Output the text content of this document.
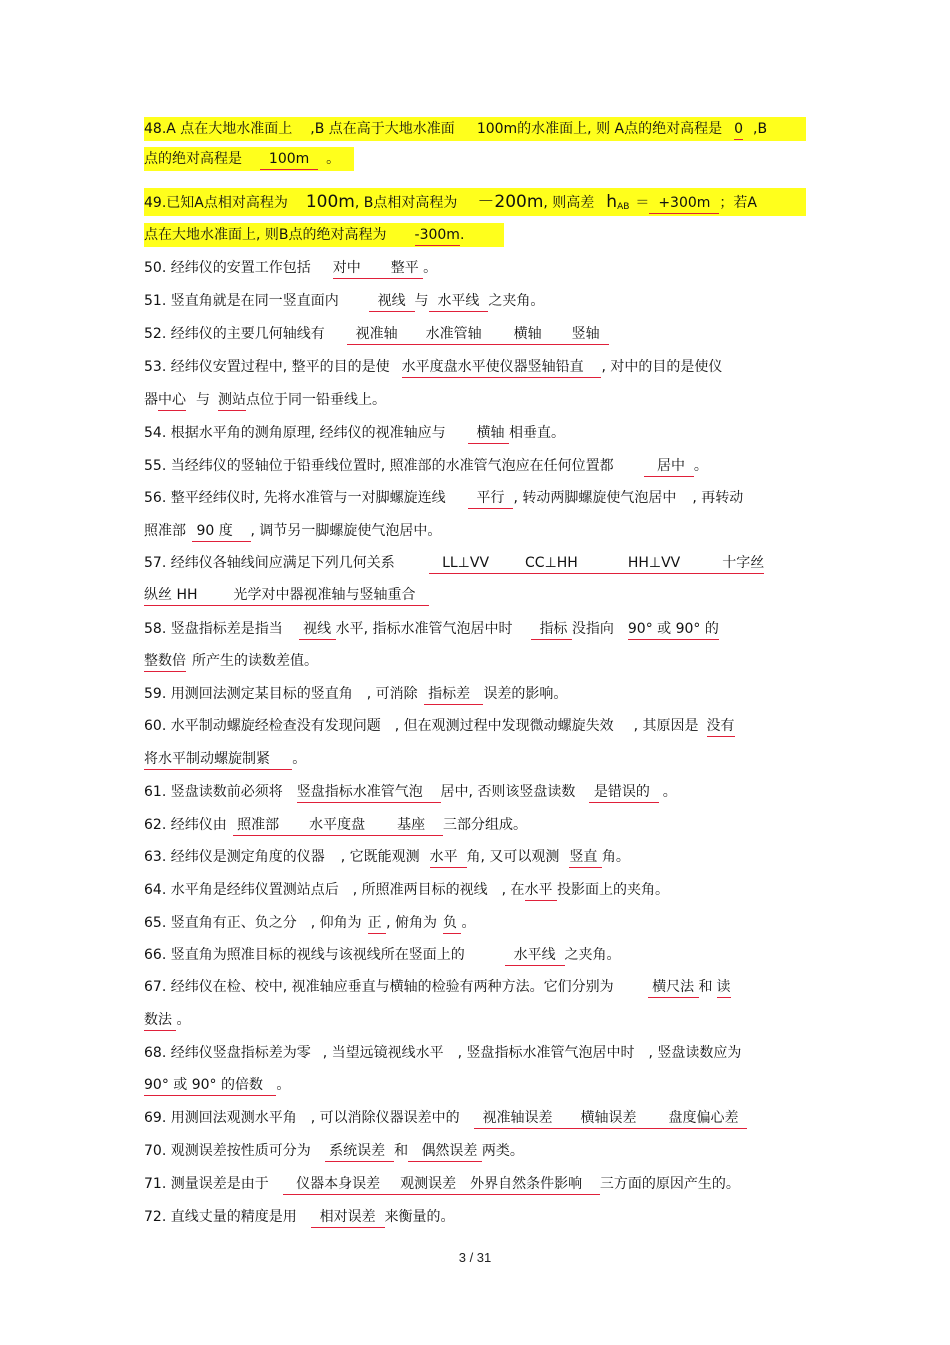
48.A 点在大地水准面上 ,B 点在高于大地水准面 100m的水准面上, 则 A点的绝对高程是 0 ,B
点的绝对高程是 100m 。
49.已知A点相对高程为 100m, B点相对高程为 －200m, 则高差 $h_{AB} = +300m$ ；若A
点在大地水准面上, 则B点的绝对高程为 -300m.
50. 经纬仪的安置工作包括 对中 整平 。
51. 竖直角就是在同一竖直面内	视线 与 水平线 之夹角。
52. 经纬仪的主要几何轴线有 视准轴 水准管轴 横轴 竖轴
53. 经纬仪安置过程中, 整平的目的是使 水平度盘水平使仪器竖轴铅直 , 对中的目的是使仪
器中心 与 测站点位于同一铅垂线上。
54. 根据水平角的测角原理, 经纬仪的视准轴应与 横轴 相垂直。
55. 当经纬仪的竖轴位于铅垂线位置时, 照准部的水准管气泡应在任何位置都	居中 。
56. 整平经纬仪时, 先将水准管与一对脚螺旋连线 平行 , 转动两脚螺旋使气泡居中 , 再转动
照准部 90 度 , 调节另一脚螺旋使气泡居中。
57. 经纬仪各轴线间应满足下列几何关系	LL⊥VV	CC⊥HH	HH⊥VV	十字丝
纵丝 HH	光学对中器视准轴与竖轴重合
58. 竖盘指标差是指当 视线 水平, 指标水准管气泡居中时 指标 没指向 90° 或 90° 的
整数倍 所产生的读数差值。
59. 用测回法测定某目标的竖直角 , 可消除 指标差 误差的影响。
60. 水平制动螺旋经检查没有发现问题 , 但在观测过程中发现微动螺旋失效 , 其原因是 没有
将水平制动螺旋制紧 。
61. 竖盘读数前必须将 竖盘指标水准管气泡 居中, 否则该竖盘读数 是错误的 。
62. 经纬仪由 照准部 水平度盘 基座 三部分组成。
63. 经纬仪是测定角度的仪器 , 它既能观测 水平 角, 又可以观测 竖直 角。
64. 水平角是经纬仪置测站点后 , 所照准两目标的视线 , 在水平 投影面上的夹角。
65. 竖直角有正、负之分 , 仰角为 正 , 俯角为 负 。
66. 竖直角为照准目标的视线与该视线所在竖面上的	水平线 之夹角。
67. 经纬仪在检、校中, 视准轴应垂直与横轴的检验有两种方法。它们分别为	横尺法 和 读
数法 。
68. 经纬仪竖盘指标差为零 , 当望远镜视线水平 , 竖盘指标水准管气泡居中时 , 竖盘读数应为
90° 或 90° 的倍数 。
69. 用测回法观测水平角 , 可以消除仪器误差中的 视准轴误差 横轴误差 盘度偏心差
70. 观测误差按性质可分为 系统误差 和 偶然误差 两类。
71. 测量误差是由于 仪器本身误差 观测误差 外界自然条件影响 三方面的原因产生的。
72. 直线丈量的精度是用 相对误差 来衡量的。
3 / 31
